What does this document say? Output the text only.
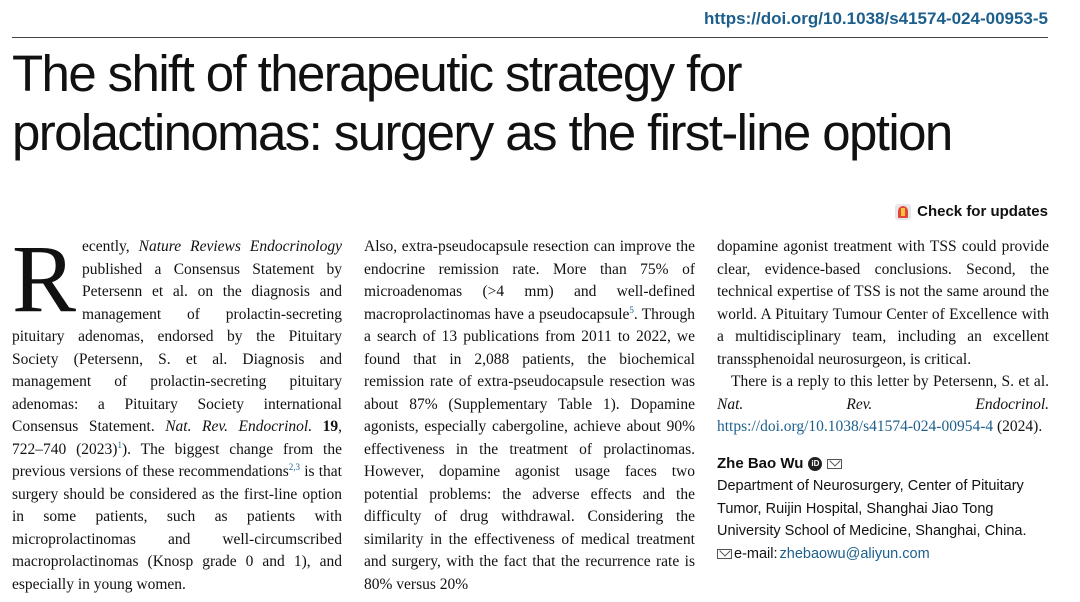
https://doi.org/10.1038/s41574-024-00953-5
The shift of therapeutic strategy for prolactinomas: surgery as the first-line option
Check for updates

Recently, Nature Reviews Endocrinology published a Consensus Statement by Petersenn et al. on the diagnosis and management of prolactin-secreting pituitary adenomas, endorsed by the Pituitary Society (Petersenn, S. et al. Diagnosis and management of prolactin-secreting pituitary adenomas: a Pituitary Society international Consensus Statement. Nat. Rev. Endocrinol. 19, 722–740 $(2023)^1$). The biggest change from the previous versions of these recommendations$^{2,3}$ is that surgery should be considered as the first-line option in some patients, such as patients with microprolactinomas and well-circumscribed macroprolactinomas (Knosp grade 0 and 1), and especially in young women.

Also, extra-pseudocapsule resection can improve the endocrine remission rate. More than 75% of microadenomas (>4 mm) and well-defined macroprolactinomas have a pseudocapsule$^5$. Through a search of 13 publications from 2011 to 2022, we found that in 2,088 patients, the biochemical remission rate of extra-pseudocapsule resection was about 87% (Supplementary Table 1). Dopamine agonists, especially cabergoline, achieve about 90% effectiveness in the treatment of prolactinomas. However, dopamine agonist usage faces two potential problems: the adverse effects and the difficulty of drug withdrawal. Considering the similarity in the effectiveness of medical treatment and surgery, with the fact that the recurrence rate is 80% versus 20%

dopamine agonist treatment with TSS could provide clear, evidence-based conclusions. Second, the technical expertise of TSS is not the same around the world. A Pituitary Tumour Center of Excellence with a multidisciplinary team, including an excellent transsphenoidal neurosurgeon, is critical.

There is a reply to this letter by Petersenn, S. et al. Nat. Rev. Endocrinol. https://doi.org/10.1038/s41574-024-00954-4 (2024).

Zhe Bao Wu	iD

Department of Neurosurgery, Center of Pituitary Tumor, Ruijin Hospital, Shanghai Jiao Tong University School of Medicine, Shanghai, China.

e-mail: zhebaowu@aliyun.com
